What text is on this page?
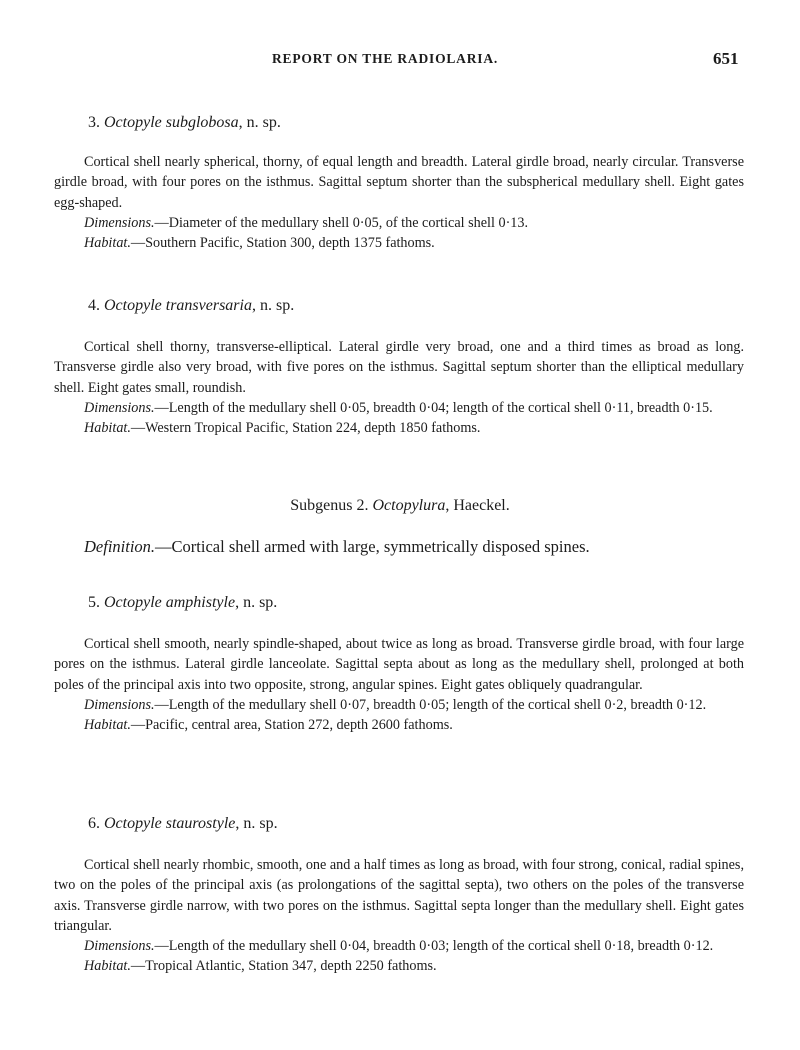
REPORT ON THE RADIOLARIA.	651
3. Octopyle subglobosa, n. sp.

Cortical shell nearly spherical, thorny, of equal length and breadth. Lateral girdle broad, nearly circular. Transverse girdle broad, with four pores on the isthmus. Sagittal septum shorter than the subspherical medullary shell. Eight gates egg-shaped.

Dimensions.—Diameter of the medullary shell 0·05, of the cortical shell 0·13.

Habitat.—Southern Pacific, Station 300, depth 1375 fathoms.

4. Octopyle transversaria, n. sp.

Cortical shell thorny, transverse-elliptical. Lateral girdle very broad, one and a third times as broad as long. Transverse girdle also very broad, with five pores on the isthmus. Sagittal septum shorter than the elliptical medullary shell. Eight gates small, roundish.

Dimensions.—Length of the medullary shell 0·05, breadth 0·04; length of the cortical shell 0·11, breadth 0·15.

Habitat.—Western Tropical Pacific, Station 224, depth 1850 fathoms.

Subgenus 2. Octopylura, Haeckel.
Definition.—Cortical shell armed with large, symmetrically disposed spines.
5. Octopyle amphistyle, n. sp.

Cortical shell smooth, nearly spindle-shaped, about twice as long as broad. Transverse girdle broad, with four large pores on the isthmus. Lateral girdle lanceolate. Sagittal septa about as long as the medullary shell, prolonged at both poles of the principal axis into two opposite, strong, angular spines. Eight gates obliquely quadrangular.

Dimensions.—Length of the medullary shell 0·07, breadth 0·05; length of the cortical shell 0·2, breadth 0·12.

Habitat.—Pacific, central area, Station 272, depth 2600 fathoms.

6. Octopyle staurostyle, n. sp.

Cortical shell nearly rhombic, smooth, one and a half times as long as broad, with four strong, conical, radial spines, two on the poles of the principal axis (as prolongations of the sagittal septa), two others on the poles of the transverse axis. Transverse girdle narrow, with two pores on the isthmus. Sagittal septa longer than the medullary shell. Eight gates triangular.

Dimensions.—Length of the medullary shell 0·04, breadth 0·03; length of the cortical shell 0·18, breadth 0·12.

Habitat.—Tropical Atlantic, Station 347, depth 2250 fathoms.
